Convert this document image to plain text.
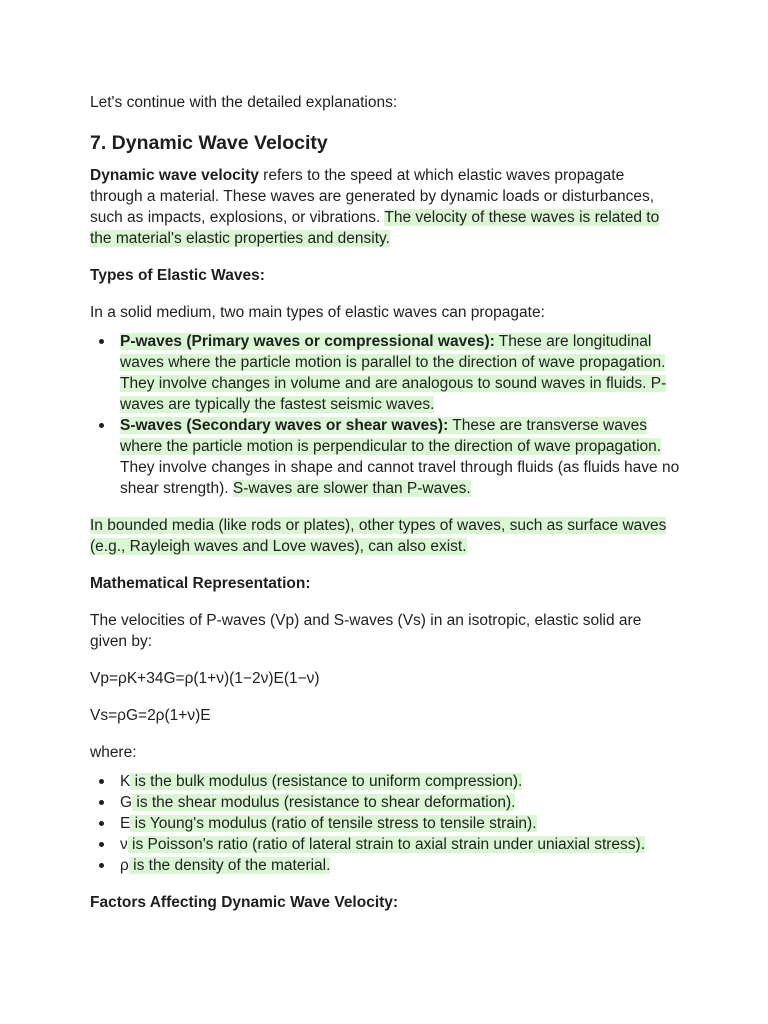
Let's continue with the detailed explanations:

7. Dynamic Wave Velocity

Dynamic wave velocity refers to the speed at which elastic waves propagate through a material. These waves are generated by dynamic loads or disturbances, such as impacts, explosions, or vibrations. The velocity of these waves is related to the material's elastic properties and density.

Types of Elastic Waves:

In a solid medium, two main types of elastic waves can propagate:

P-waves (Primary waves or compressional waves): These are longitudinal waves where the particle motion is parallel to the direction of wave propagation. They involve changes in volume and are analogous to sound waves in fluids. P-waves are typically the fastest seismic waves.
S-waves (Secondary waves or shear waves): These are transverse waves where the particle motion is perpendicular to the direction of wave propagation. They involve changes in shape and cannot travel through fluids (as fluids have no shear strength). S-waves are slower than P-waves.

In bounded media (like rods or plates), other types of waves, such as surface waves (e.g., Rayleigh waves and Love waves), can also exist.

Mathematical Representation:

The velocities of P-waves (Vp) and S-waves (Vs) in an isotropic, elastic solid are given by:

Vp=ρK+34G=ρ(1+ν)(1−2ν)E(1−ν)

Vs=ρG=2ρ(1+ν)E

where:

K is the bulk modulus (resistance to uniform compression).
G is the shear modulus (resistance to shear deformation).
E is Young's modulus (ratio of tensile stress to tensile strain).
ν is Poisson's ratio (ratio of lateral strain to axial strain under uniaxial stress).
ρ is the density of the material.
Factors Affecting Dynamic Wave Velocity:
